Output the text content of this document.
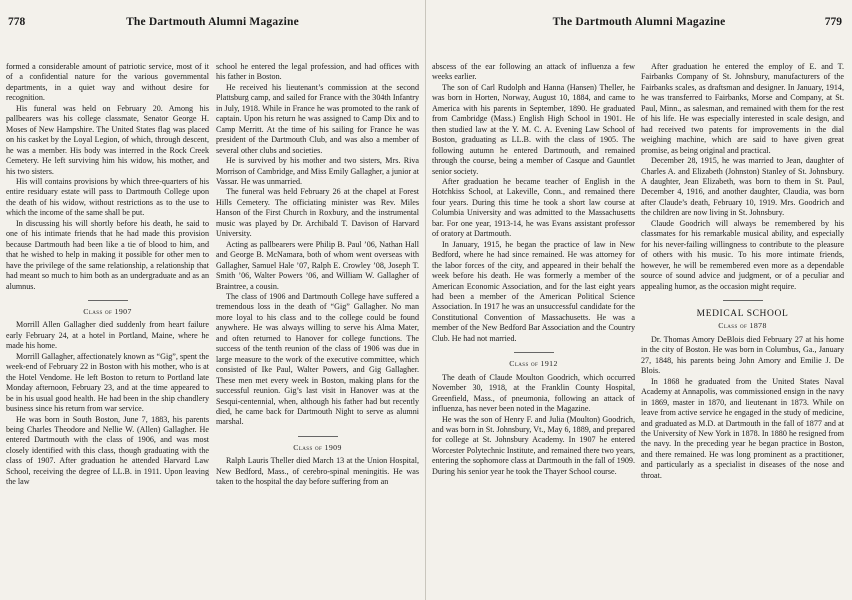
778	The Dartmouth Alumni Magazine

formed a considerable amount of patriotic service, most of it of a confidential nature for the various governmental departments, in a quiet way and without desire for recognition.

His funeral was held on February 20. Among his pallbearers was his college classmate, Senator George H. Moses of New Hampshire. The United States flag was placed on his casket by the Loyal Legion, of which, through descent, he was a member. His body was interred in the Rock Creek Cemetery. He left surviving him his widow, his mother, and his two sisters.

His will contains provisions by which three-quarters of his entire residuary estate will pass to Dartmouth College upon the death of his widow, without restrictions as to the use to which the income of the same shall be put.

In discussing his will shortly before his death, he said to one of his intimate friends that he had made this provision because Dartmouth had been like a tie of blood to him, and that he wished to help in making it possible for other men to have the privilege of the same relationship, a relationship that had meant so much to him both as an undergraduate and as an alumnus.

Class of 1907

Morrill Allen Gallagher died suddenly from heart failure early February 24, at a hotel in Portland, Maine, where he made his home.

Morrill Gallagher, affectionately known as “Gig”, spent the week-end of February 22 in Boston with his mother, who is at the Hotel Vendome. He left Boston to return to Portland late Monday afternoon, February 23, and at the time appeared to be in his usual good health. He had been in the ship chandlery business since his return from war service.

He was born in South Boston, June 7, 1883, his parents being Charles Theodore and Nellie W. (Allen) Gallagher. He entered Dartmouth with the class of 1906, and was most closely identified with this class, though graduating with the class of 1907. After graduation he attended Harvard Law School, receiving the degree of LL.B. in 1911. Upon leaving the law

school he entered the legal profession, and had offices with his father in Boston.

He received his lieutenant’s commission at the second Plattsburg camp, and sailed for France with the 304th Infantry in July, 1918. While in France he was promoted to the rank of captain. Upon his return he was assigned to Camp Dix and to Camp Merritt. At the time of his sailing for France he was president of the Dartmouth Club, and was also a member of several other clubs and societies.

He is survived by his mother and two sisters, Mrs. Riva Morrison of Cambridge, and Miss Emily Gallagher, a junior at Vassar. He was unmarried.

The funeral was held February 26 at the chapel at Forest Hills Cemetery. The officiating minister was Rev. Miles Hanson of the First Church in Roxbury, and the instrumental music was played by Dr. Archibald T. Davison of Harvard University.

Acting as pallbearers were Philip B. Paul ’06, Nathan Hall and George B. McNamara, both of whom went overseas with Gallagher, Samuel Hale ’07, Ralph E. Crowley ’08, Joseph T. Smith ’06, Walter Powers ’06, and William W. Gallagher of Braintree, a cousin.

The class of 1906 and Dartmouth College have suffered a tremendous loss in the death of “Gig” Gallagher. No man more loyal to his class and to the college could be found anywhere. He was always willing to serve his Alma Mater, and often returned to Hanover for college functions. The success of the tenth reunion of the class of 1906 was due in large measure to the work of the executive committee, which consisted of Ike Paul, Walter Powers, and Gig Gallagher. These men met every week in Boston, making plans for the successful reunion. Gig’s last visit in Hanover was at the Sesqui-centennial, when, although his father had but recently died, he came back for Dartmouth Night to serve as alumni marshal.

Class of 1909

Ralph Lauris Theller died March 13 at the Union Hospital, New Bedford, Mass., of cerebro-spinal meningitis. He was taken to the hospital the day before suffering from an

The Dartmouth Alumni Magazine	779

abscess of the ear following an attack of influenza a few weeks earlier.

The son of Carl Rudolph and Hanna (Hansen) Theller, he was born in Horten, Norway, August 10, 1884, and came to America with his parents in September, 1890. He graduated from Cambridge (Mass.) English High School in 1901. He then studied law at the Y. M. C. A. Evening Law School of Boston, graduating as LL.B. with the class of 1905. The following autumn he entered Dartmouth, and remained through the course, being a member of Casque and Gauntlet senior society.

After graduation he became teacher of English in the Hotchkiss School, at Lakeville, Conn., and remained there four years. During this time he took a short law course at Columbia University and was admitted to the Massachusetts bar. For one year, 1913-14, he was Evans assistant professor of oratory at Dartmouth.

In January, 1915, he began the practice of law in New Bedford, where he had since remained. He was attorney for the labor forces of the city, and appeared in their behalf the week before his death. He was formerly a member of the American Economic Association, and for the last eight years had been a member of the American Political Science Association. In 1917 he was an unsuccessful candidate for the Constitutional Convention of Massachusetts. He was a member of the New Bedford Bar Association and the Country Club. He had not married.

Class of 1912

The death of Claude Moulton Goodrich, which occurred November 30, 1918, at the Franklin County Hospital, Greenfield, Mass., of pneumonia, following an attack of influenza, has never been noted in the Magazine.

He was the son of Henry F. and Julia (Moulton) Goodrich, and was born in St. Johnsbury, Vt., May 6, 1889, and prepared for college at St. Johnsbury Academy. In 1907 he entered Worcester Polytechnic Institute, and remained there two years, entering the sophomore class at Dartmouth in the fall of 1909. During his senior year he took the Thayer School course.

After graduation he entered the employ of E. and T. Fairbanks Company of St. Johnsbury, manufacturers of the Fairbanks scales, as draftsman and designer. In January, 1914, he was transferred to Fairbanks, Morse and Company, at St. Paul, Minn., as salesman, and remained with them for the rest of his life. He was especially interested in scale design, and had received two patents for improvements in the dial weighing machine, which are said to have given great promise, as being original and practical.

December 28, 1915, he was married to Jean, daughter of Charles A. and Elizabeth (Johnston) Stanley of St. Johnsbury. A daughter, Jean Elizabeth, was born to them in St. Paul, December 4, 1916, and another daughter, Claudia, was born after Claude’s death, February 10, 1919. Mrs. Goodrich and the children are now living in St. Johnsbury.

Claude Goodrich will always be remembered by his classmates for his remarkable musical ability, and especially for his never-failing willingness to contribute to the pleasure of others with his music. To his more intimate friends, however, he will be remembered even more as a dependable source of sound advice and judgment, or of a peculiar and appealing humor, as the occasion might require.

MEDICAL SCHOOL
Class of 1878

Dr. Thomas Amory DeBlois died February 27 at his home in the city of Boston. He was born in Columbus, Ga., January 27, 1848, his parents being John Amory and Emilie J. De Blois.

In 1868 he graduated from the United States Naval Academy at Annapolis, was commissioned ensign in the navy in 1869, master in 1870, and lieutenant in 1873. While on leave from active service he engaged in the study of medicine, and graduated as M.D. at Dartmouth in the fall of 1877 and at the University of New York in 1878. In 1880 he resigned from the navy. In the preceding year he began practice in Boston, and there remained. He was long prominent as a practitioner, and particularly as a specialist in diseases of the nose and throat.
